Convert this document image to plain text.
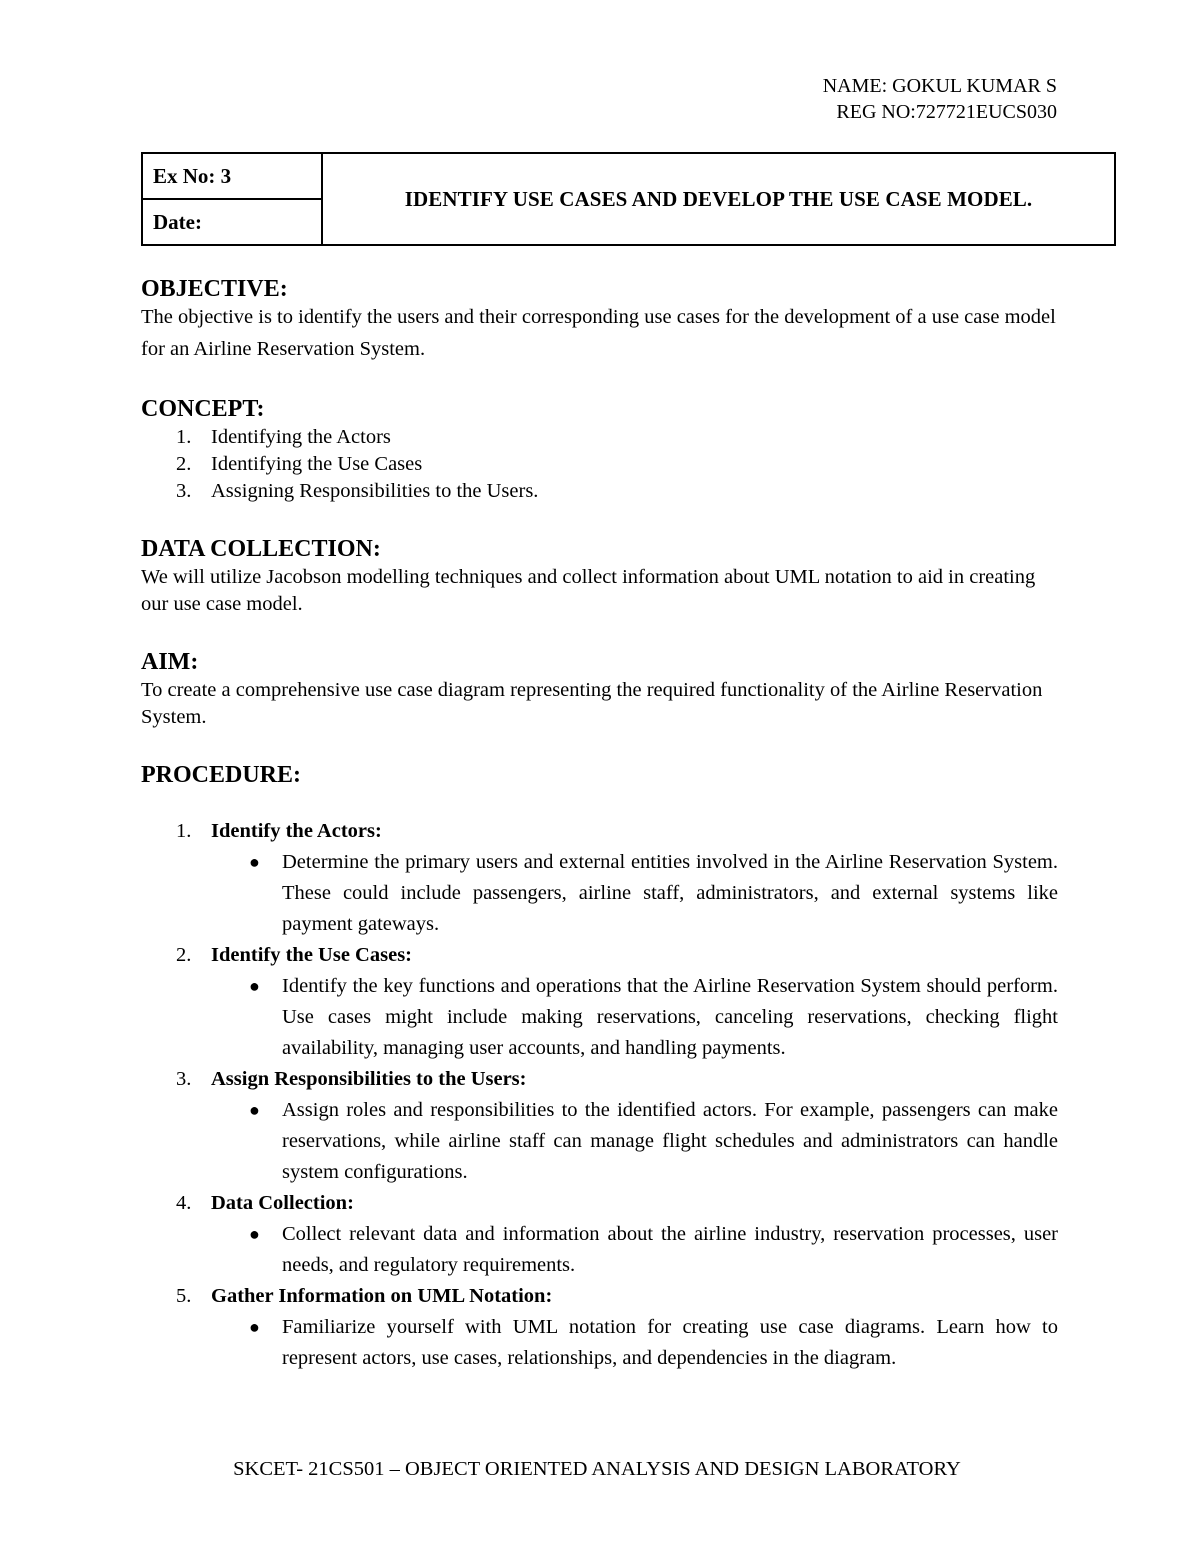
NAME: GOKUL KUMAR S
REG NO:727721EUCS030
Ex No: 3	IDENTIFY USE CASES AND DEVELOP THE USE CASE MODEL.
Date:
OBJECTIVE:

The objective is to identify the users and their corresponding use cases for the development of a use case model for an Airline Reservation System.

CONCEPT:
1. Identifying the Actors
2. Identifying the Use Cases
3. Assigning Responsibilities to the Users.
DATA COLLECTION:

We will utilize Jacobson modelling techniques and collect information about UML notation to aid in creating our use case model.

AIM:

To create a comprehensive use case diagram representing the required functionality of the Airline Reservation System.

PROCEDURE:
1. Identify the Actors:
● Determine the primary users and external entities involved in the Airline Reservation System. These could include passengers, airline staff, administrators, and external systems like payment gateways.
2. Identify the Use Cases:
● Identify the key functions and operations that the Airline Reservation System should perform. Use cases might include making reservations, canceling reservations, checking flight availability, managing user accounts, and handling payments.
3. Assign Responsibilities to the Users:
● Assign roles and responsibilities to the identified actors. For example, passengers can make reservations, while airline staff can manage flight schedules and administrators can handle system configurations.
4. Data Collection:
● Collect relevant data and information about the airline industry, reservation processes, user needs, and regulatory requirements.
5. Gather Information on UML Notation:
● Familiarize yourself with UML notation for creating use case diagrams. Learn how to represent actors, use cases, relationships, and dependencies in the diagram.
SKCET- 21CS501 – OBJECT ORIENTED ANALYSIS AND DESIGN LABORATORY
